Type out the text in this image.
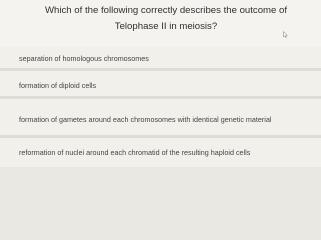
Which of the following correctly describes the outcome of
Telophase II in meiosis?
separation of homologous chromosomes
formation of diploid cells
formation of gametes around each chromosomes with identical genetic material
reformation of nuclei around each chromatid of the resulting haploid cells
